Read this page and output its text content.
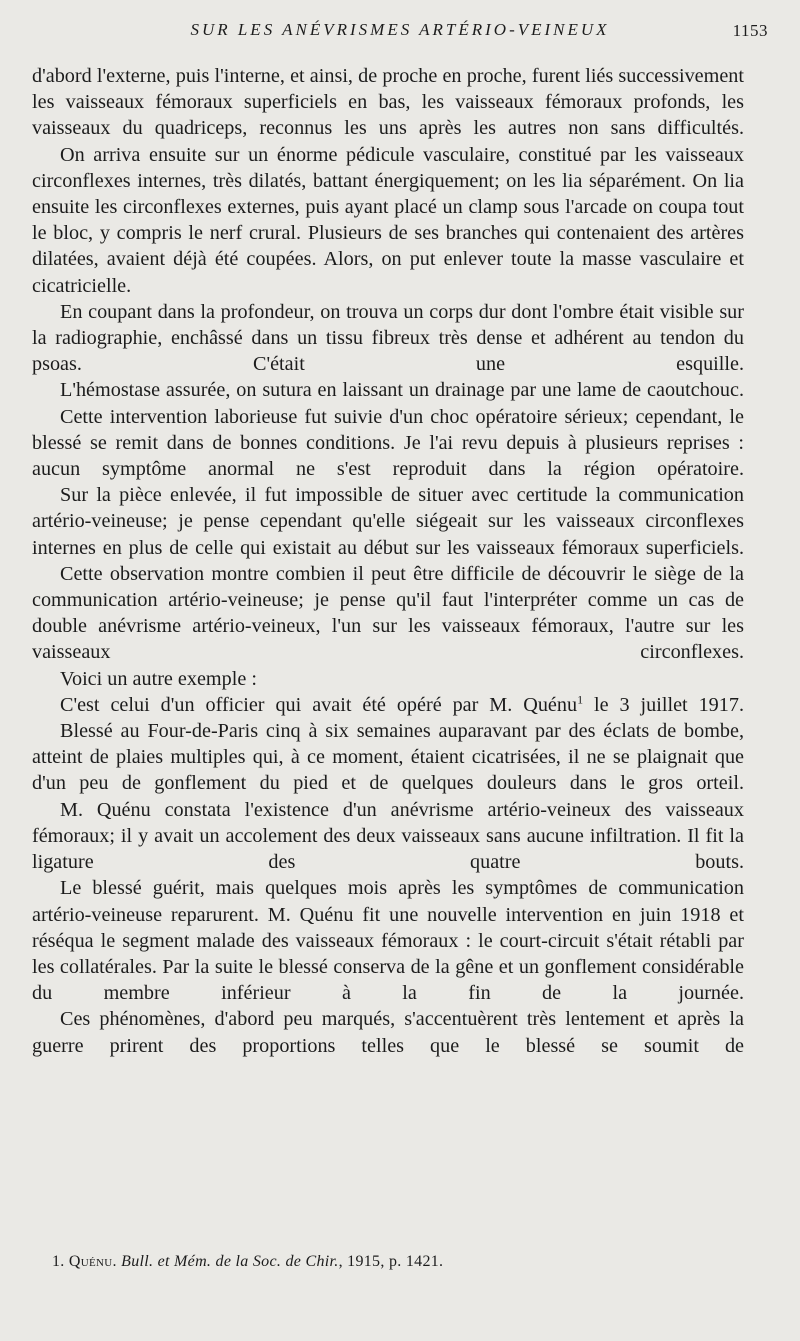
SUR LES ANÉVRISMES ARTÉRIO-VEINEUX	1153

d'abord l'externe, puis l'interne, et ainsi, de proche en proche, furent liés successivement les vaisseaux fémoraux superficiels en bas, les vaisseaux fémoraux profonds, les vaisseaux du quadriceps, reconnus les uns après les autres non sans difficultés.

On arriva ensuite sur un énorme pédicule vasculaire, constitué par les vaisseaux circonflexes internes, très dilatés, battant énergiquement; on les lia séparément. On lia ensuite les circonflexes externes, puis ayant placé un clamp sous l'arcade on coupa tout le bloc, y compris le nerf crural. Plusieurs de ses branches qui contenaient des artères dilatées, avaient déjà été coupées. Alors, on put enlever toute la masse vasculaire et cicatricielle.

En coupant dans la profondeur, on trouva un corps dur dont l'ombre était visible sur la radiographie, enchâssé dans un tissu fibreux très dense et adhérent au tendon du psoas. C'était une esquille.

L'hémostase assurée, on sutura en laissant un drainage par une lame de caoutchouc.

Cette intervention laborieuse fut suivie d'un choc opératoire sérieux; cependant, le blessé se remit dans de bonnes conditions. Je l'ai revu depuis à plusieurs reprises : aucun symptôme anormal ne s'est reproduit dans la région opératoire.

Sur la pièce enlevée, il fut impossible de situer avec certitude la communication artério-veineuse; je pense cependant qu'elle siégeait sur les vaisseaux circonflexes internes en plus de celle qui existait au début sur les vaisseaux fémoraux superficiels.

Cette observation montre combien il peut être difficile de découvrir le siège de la communication artério-veineuse; je pense qu'il faut l'interpréter comme un cas de double anévrisme artério-veineux, l'un sur les vaisseaux fémoraux, l'autre sur les vaisseaux circonflexes.

Voici un autre exemple :

C'est celui d'un officier qui avait été opéré par M. Quénu$^1$ le 3 juillet 1917.

Blessé au Four-de-Paris cinq à six semaines auparavant par des éclats de bombe, atteint de plaies multiples qui, à ce moment, étaient cicatrisées, il ne se plaignait que d'un peu de gonflement du pied et de quelques douleurs dans le gros orteil.

M. Quénu constata l'existence d'un anévrisme artério-veineux des vaisseaux fémoraux; il y avait un accolement des deux vaisseaux sans aucune infiltration. Il fit la ligature des quatre bouts.

Le blessé guérit, mais quelques mois après les symptômes de communication artério-veineuse reparurent. M. Quénu fit une nouvelle intervention en juin 1918 et réséqua le segment malade des vaisseaux fémoraux : le court-circuit s'était rétabli par les collatérales. Par la suite le blessé conserva de la gêne et un gonflement considérable du membre inférieur à la fin de la journée.

Ces phénomènes, d'abord peu marqués, s'accentuèrent très lentement et après la guerre prirent des proportions telles que le blessé se soumit de

1. Quénu. Bull. et Mém. de la Soc. de Chir., 1915, p. 1421.
